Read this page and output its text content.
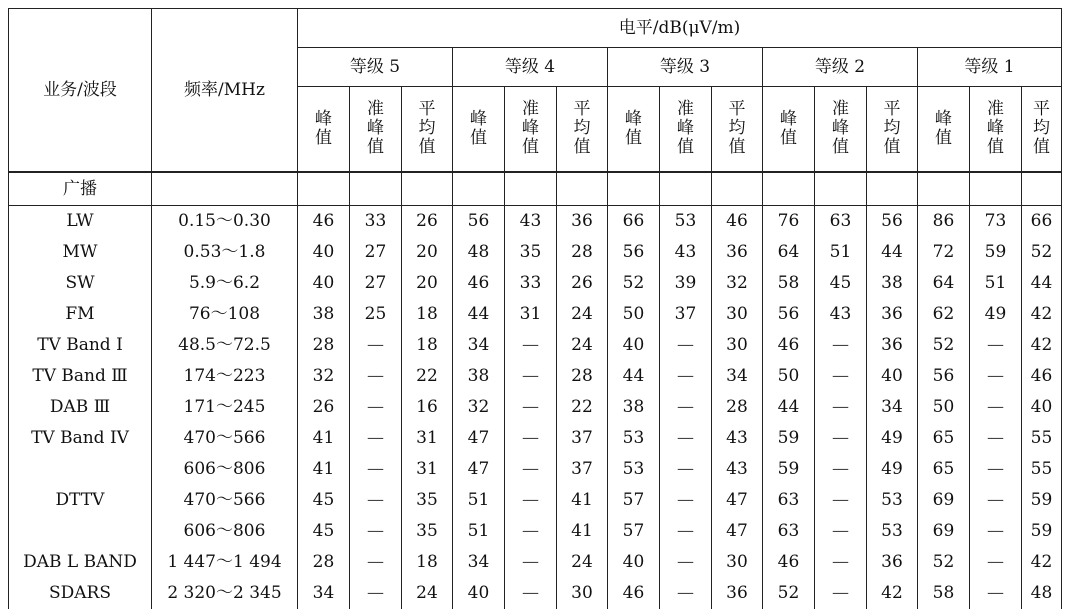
业务/波段	频率/MHz	电平/dB(μV/m)														
		等级 5			等级 4			等级 3			等级 2			等级 1		
		峰 值	准 峰 值	平 均 值	峰 值	准 峰 值	平 均 值	峰 值	准 峰 值	平 均 值	峰 值	准 峰 值	平 均 值	峰 值	准 峰 值	平 均 值
广播																
LW	0.15～0.30	46	33	26	56	43	36	66	53	46	76	63	56	86	73	66
MW	0.53～1.8	40	27	20	48	35	28	56	43	36	64	51	44	72	59	52
SW	5.9～6.2	40	27	20	46	33	26	52	39	32	58	45	38	64	51	44
FM	76～108	38	25	18	44	31	24	50	37	30	56	43	36	62	49	42
TV Band Ⅰ	48.5～72.5	28	—	18	34	—	24	40	—	30	46	—	36	52	—	42
TV Band Ⅲ	174～223	32	—	22	38	—	28	44	—	34	50	—	40	56	—	46
DAB Ⅲ	171～245	26	—	16	32	—	22	38	—	28	44	—	34	50	—	40
TV Band IV	470～566	41	—	31	47	—	37	53	—	43	59	—	49	65	—	55
	606～806	41	—	31	47	—	37	53	—	43	59	—	49	65	—	55
DTTV	470～566	45	—	35	51	—	41	57	—	47	63	—	53	69	—	59
	606～806	45	—	35	51	—	41	57	—	47	63	—	53	69	—	59
DAB L BAND	1 447～1 494	28	—	18	34	—	24	40	—	30	46	—	36	52	—	42
SDARS	2 320～2 345	34	—	24	40	—	30	46	—	36	52	—	42	58	—	48
